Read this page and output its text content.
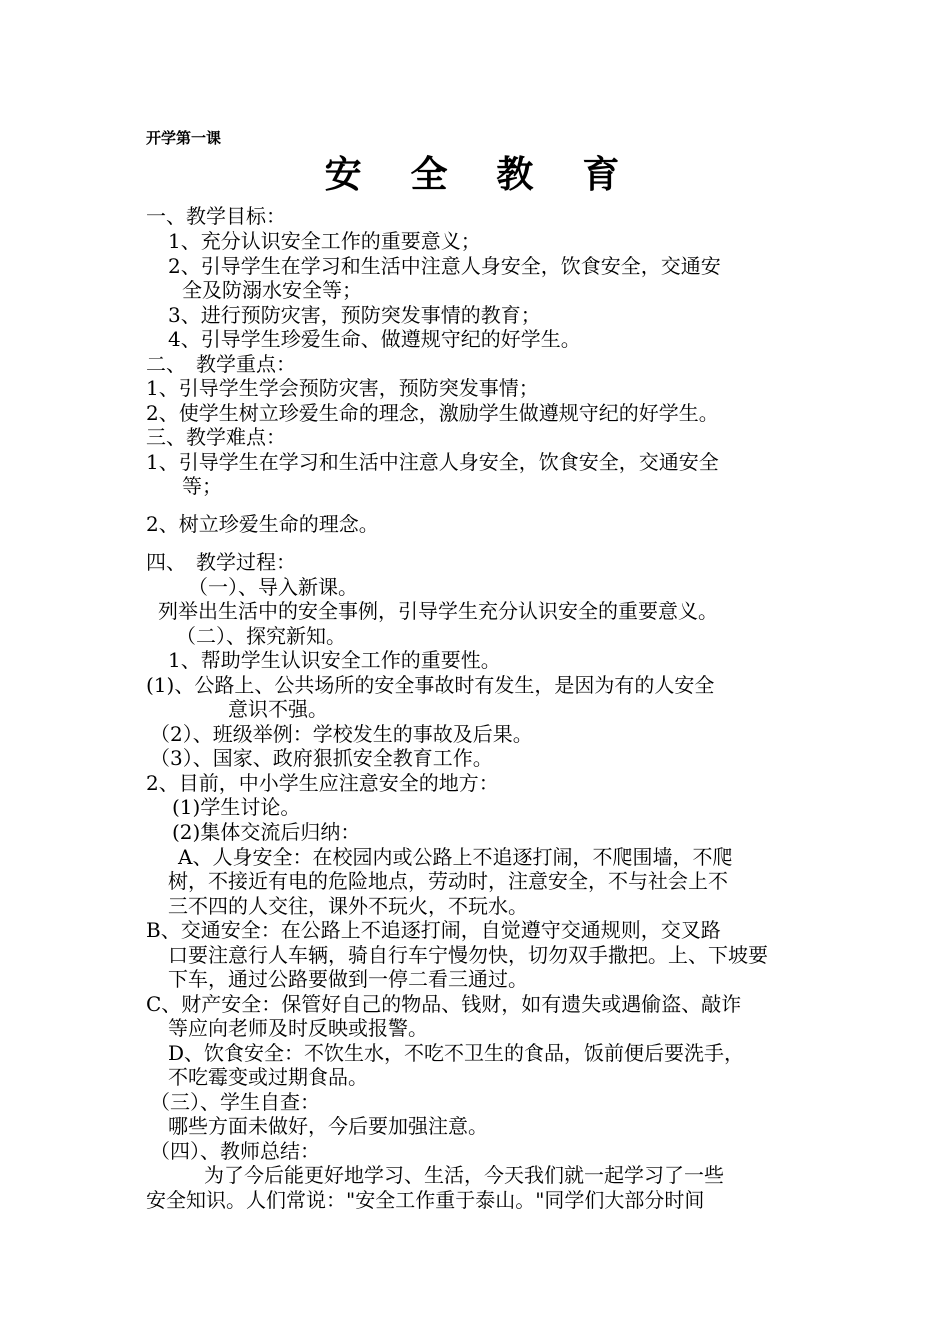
开学第一课
安 全 教 育
一、教学目标：
1、充分认识安全工作的重要意义；
2、引导学生在学习和生活中注意人身安全，饮食安全，交通安
全及防溺水安全等；
3、进行预防灾害，预防突发事情的教育；
4、引导学生珍爱生命、做遵规守纪的好学生。
二、　教学重点：
1、引导学生学会预防灾害，预防突发事情；
2、使学生树立珍爱生命的理念，激励学生做遵规守纪的好学生。
三、教学难点：
1、引导学生在学习和生活中注意人身安全，饮食安全，交通安全
等；
2、树立珍爱生命的理念。
四、　教学过程：
（一）、导入新课。
列举出生活中的安全事例，引导学生充分认识安全的重要意义。
（二）、探究新知。
1、帮助学生认识安全工作的重要性。
(1)、公路上、公共场所的安全事故时有发生，是因为有的人安全
意识不强。
（2）、班级举例：学校发生的事故及后果。
（3）、国家、政府狠抓安全教育工作。
2、目前，中小学生应注意安全的地方：
(1)学生讨论。
(2)集体交流后归纳：
A、人身安全：在校园内或公路上不追逐打闹，不爬围墙，不爬
树，不接近有电的危险地点，劳动时，注意安全，不与社会上不
三不四的人交往，课外不玩火，不玩水。
B、交通安全：在公路上不追逐打闹，自觉遵守交通规则，交叉路
口要注意行人车辆，骑自行车宁慢勿快，切勿双手撒把。上、下坡要
下车，通过公路要做到一停二看三通过。
C、财产安全：保管好自己的物品、钱财，如有遗失或遇偷盗、敲诈
等应向老师及时反映或报警。
D、饮食安全：不饮生水，不吃不卫生的食品，饭前便后要洗手，
不吃霉变或过期食品。
（三）、学生自查：
哪些方面未做好，今后要加强注意。
（四）、教师总结：
为了今后能更好地学习、生活，今天我们就一起学习了一些
安全知识。人们常说："安全工作重于泰山。"同学们大部分时间
